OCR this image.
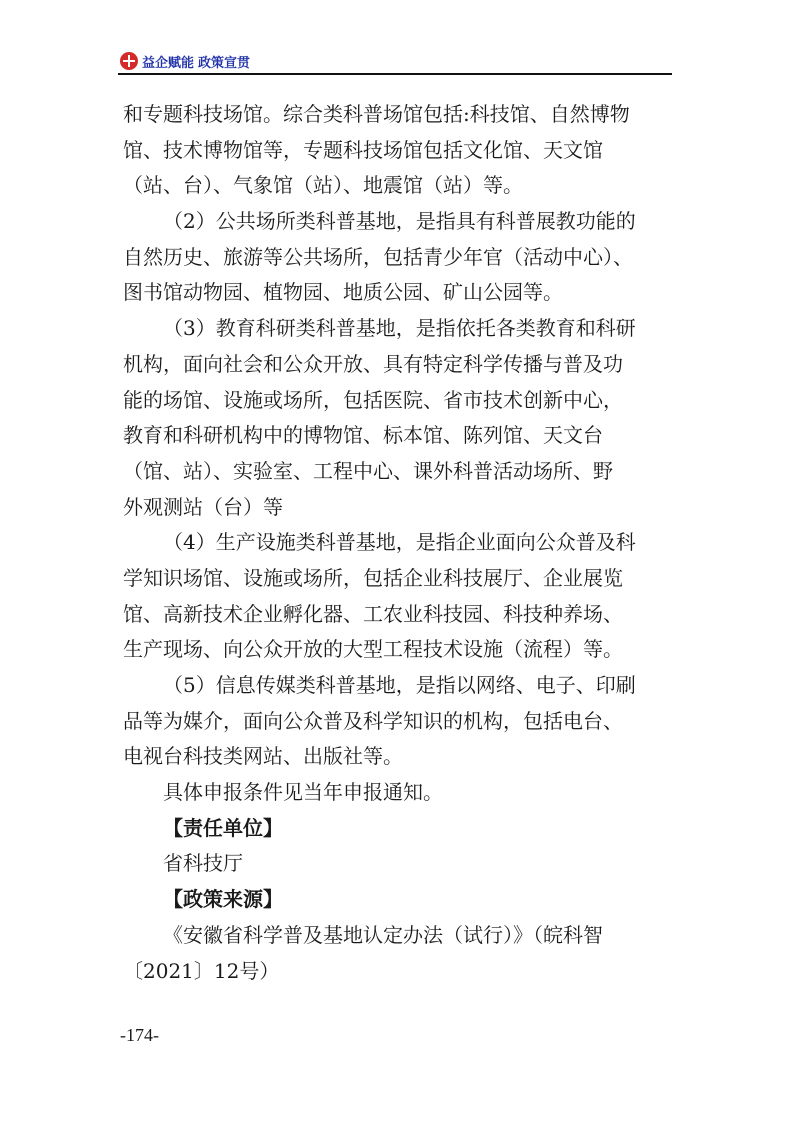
益企赋能 政策宣贯
和专题科技场馆。综合类科普场馆包括:科技馆、自然博物
馆、技术博物馆等，专题科技场馆包括文化馆、天文馆
（站、台）、气象馆（站）、地震馆（站）等。
（2）公共场所类科普基地，是指具有科普展教功能的
自然历史、旅游等公共场所，包括青少年官（活动中心）、
图书馆动物园、植物园、地质公园、矿山公园等。
（3）教育科研类科普基地，是指依托各类教育和科研
机构，面向社会和公众开放、具有特定科学传播与普及功
能的场馆、设施或场所，包括医院、省市技术创新中心，
教育和科研机构中的博物馆、标本馆、陈列馆、天文台
（馆、站）、实验室、工程中心、课外科普活动场所、野
外观测站（台）等
（4）生产设施类科普基地，是指企业面向公众普及科
学知识场馆、设施或场所，包括企业科技展厅、企业展览
馆、高新技术企业孵化器、工农业科技园、科技种养场、
生产现场、向公众开放的大型工程技术设施（流程）等。
（5）信息传媒类科普基地，是指以网络、电子、印刷
品等为媒介，面向公众普及科学知识的机构，包括电台、
电视台科技类网站、出版社等。
具体申报条件见当年申报通知。
【责任单位】
省科技厅
【政策来源】
《安徽省科学普及基地认定办法（试行）》（皖科智
〔2021〕12号）
-174-
